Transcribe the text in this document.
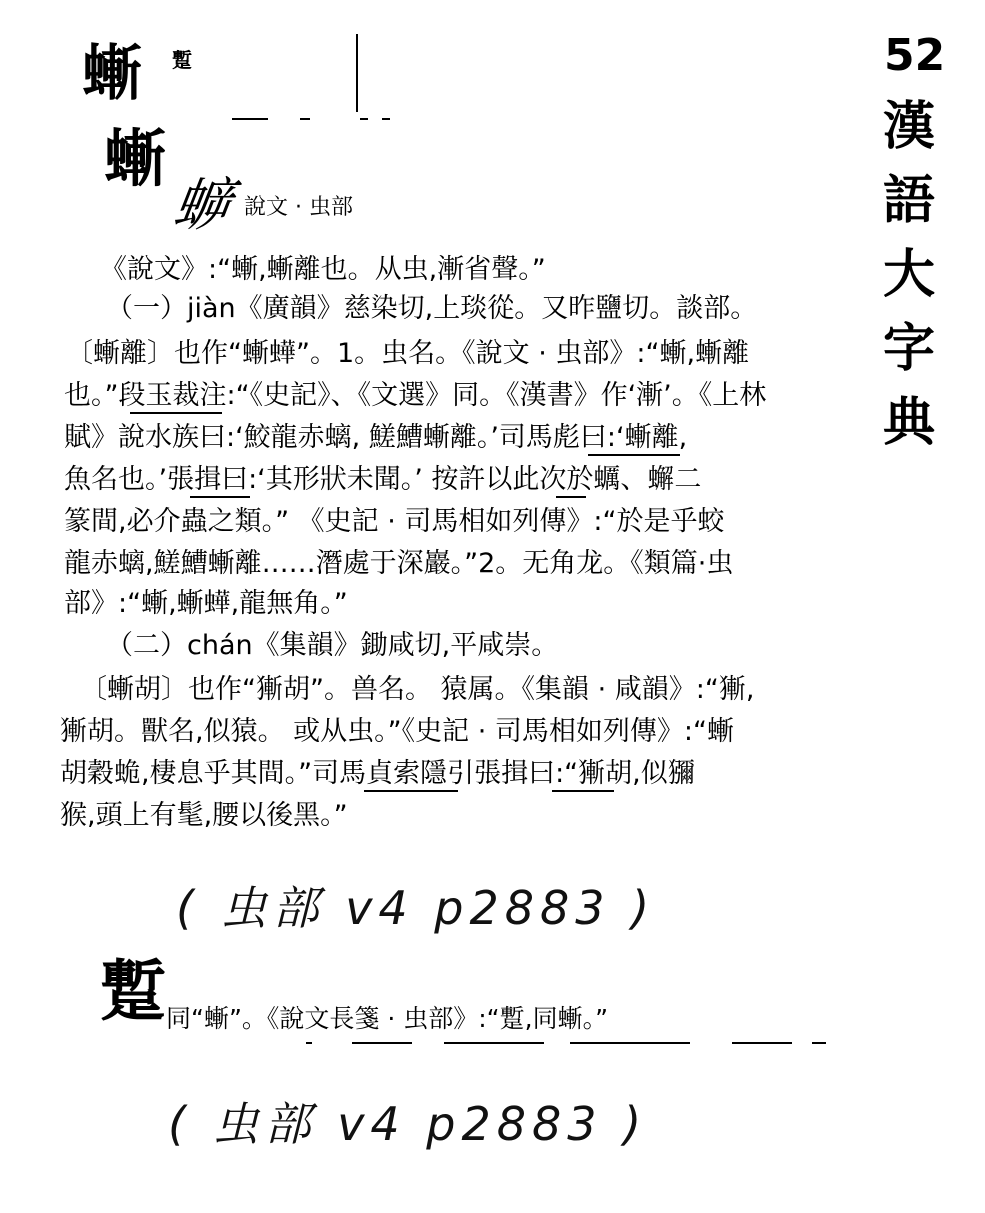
52
漢
語
大
字
典
螹 蹔
螹
蝷 說文 · 虫部
《說文》:“螹,螹離也。从虫,漸省聲。”
（一）jiàn《廣韻》慈染切,上琰從。又昨鹽切。談部。
〔螹離〕也作“螹𧑍”。1。虫名。《說文 · 虫部》:“螹,螹離
也。”段玉裁注:“《史記》、《文選》同。《漢書》作‘漸’。《上林
賦》說水族曰:‘鮫龍赤螭, 䱹鰽螹離。’司馬彪曰:‘螹離,
魚名也。’張揖曰:‘其形狀未聞。’ 按許以此次於蠣、蠏二
篆間,必介蟲之類。” 《史記 · 司馬相如列傳》:“於是乎蛟
龍赤螭,䱹鰽螹離……潛處于深巖。”2。无角龙。《類篇·虫
部》:“螹,螹𧑍,龍無角。”
（二）chán《集韻》鋤咸切,平咸崇。
〔螹胡〕也作“獑胡”。兽名。 猿属。《集韻 · 咸韻》:“獑,
獑胡。獸名,似猿。 或从虫。”《史記 · 司馬相如列傳》:“螹
胡穀蛫,棲息乎其間。”司馬貞索隱引張揖曰:“獑胡,似獼
猴,頭上有髦,腰以後黑。”
( 虫部 v4 p2883 )
蹔 同“螹”。《說文長箋 · 虫部》:“蹔,同螹。”
( 虫部 v4 p2883 )
